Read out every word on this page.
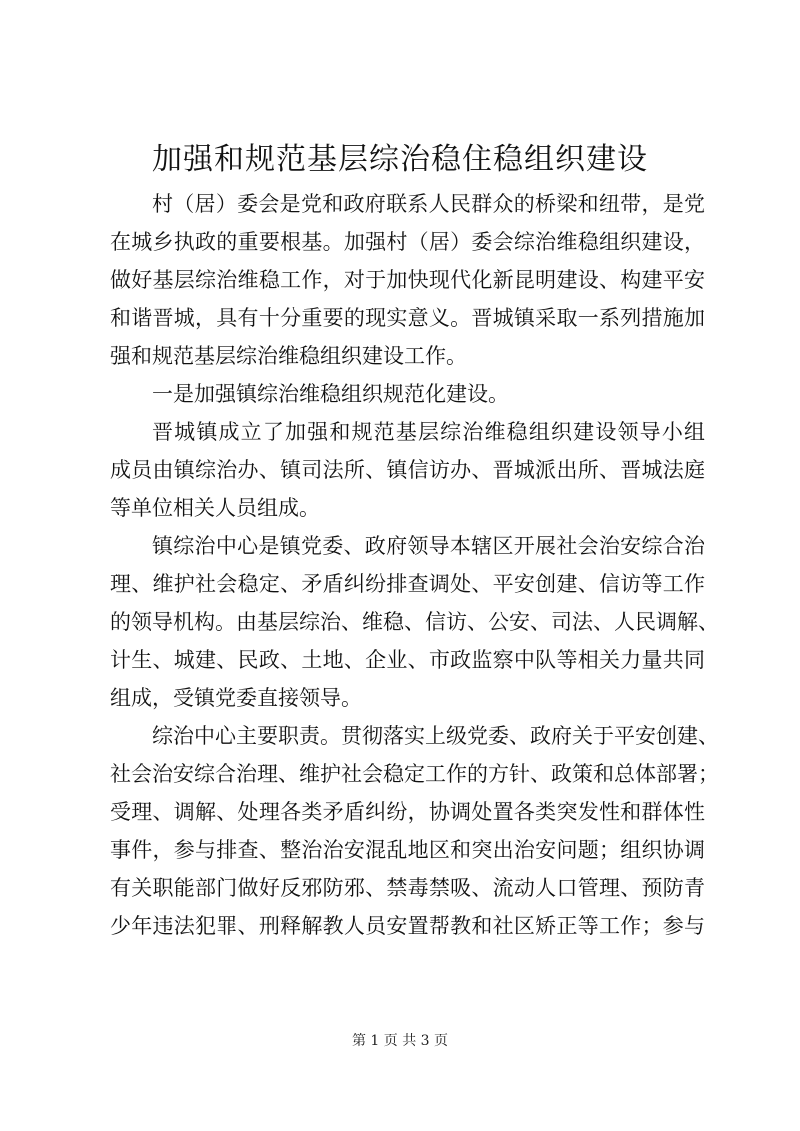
加强和规范基层综治稳住稳组织建设
村（居）委会是党和政府联系人民群众的桥梁和纽带，是党
在城乡执政的重要根基。加强村（居）委会综治维稳组织建设，
做好基层综治维稳工作，对于加快现代化新昆明建设、构建平安
和谐晋城，具有十分重要的现实意义。晋城镇采取一系列措施加
强和规范基层综治维稳组织建设工作。
一是加强镇综治维稳组织规范化建设。
晋城镇成立了加强和规范基层综治维稳组织建设领导小组
成员由镇综治办、镇司法所、镇信访办、晋城派出所、晋城法庭
等单位相关人员组成。
镇综治中心是镇党委、政府领导本辖区开展社会治安综合治
理、维护社会稳定、矛盾纠纷排查调处、平安创建、信访等工作
的领导机构。由基层综治、维稳、信访、公安、司法、人民调解、
计生、城建、民政、土地、企业、市政监察中队等相关力量共同
组成，受镇党委直接领导。
综治中心主要职责。贯彻落实上级党委、政府关于平安创建、
社会治安综合治理、维护社会稳定工作的方针、政策和总体部署；
受理、调解、处理各类矛盾纠纷，协调处置各类突发性和群体性
事件，参与排查、整治治安混乱地区和突出治安问题；组织协调
有关职能部门做好反邪防邪、禁毒禁吸、流动人口管理、预防青
少年违法犯罪、刑释解教人员安置帮教和社区矫正等工作；参与
第 1 页 共 3 页
